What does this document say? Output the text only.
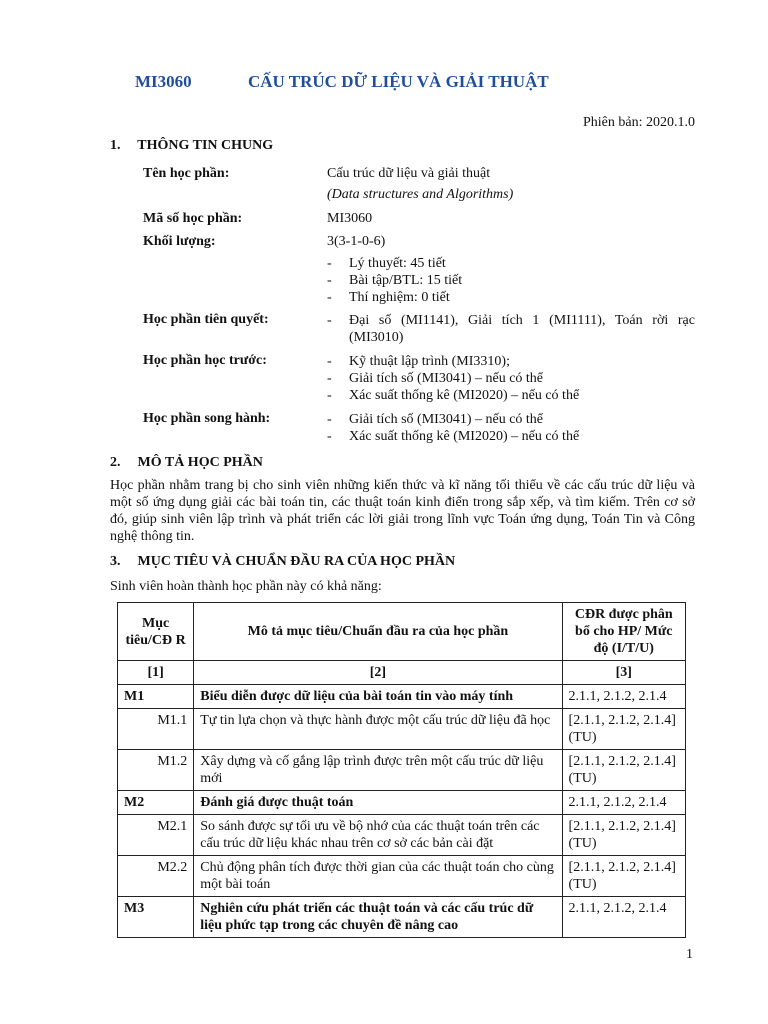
MI3060	CẤU TRÚC DỮ LIỆU VÀ GIẢI THUẬT
Phiên bản: 2020.1.0
1. THÔNG TIN CHUNG
Tên học phần:	Cấu trúc dữ liệu và giải thuật
(Data structures and Algorithms)
Mã số học phần:	MI3060
Khối lượng:	3(3-1-0-6)
- Lý thuyết: 45 tiết
- Bài tập/BTL: 15 tiết
- Thí nghiệm: 0 tiết
Học phần tiên quyết:	- Đại số (MI1141), Giải tích 1 (MI1111), Toán rời rạc (MI3010)
Học phần học trước:	- Kỹ thuật lập trình (MI3310);
- Giải tích số (MI3041) – nếu có thể
- Xác suất thống kê (MI2020) – nếu có thể
Học phần song hành:	- Giải tích số (MI3041) – nếu có thể
- Xác suất thống kê (MI2020) – nếu có thể
2. MÔ TẢ HỌC PHẦN
Học phần nhằm trang bị cho sinh viên những kiến thức và kĩ năng tối thiểu về các cấu trúc dữ liệu và một số ứng dụng giải các bài toán tin, các thuật toán kinh điển trong sắp xếp, và tìm kiếm. Trên cơ sở đó, giúp sinh viên lập trình và phát triển các lời giải trong lĩnh vực Toán ứng dụng, Toán Tin và Công nghệ thông tin.
3. MỤC TIÊU VÀ CHUẨN ĐẦU RA CỦA HỌC PHẦN
Sinh viên hoàn thành học phần này có khả năng:
Mục tiêu/CĐ R	Mô tả mục tiêu/Chuẩn đầu ra của học phần	CĐR được phân bổ cho HP/ Mức độ (I/T/U)
[1]	[2]	[3]
M1	Biểu diễn được dữ liệu của bài toán tin vào máy tính	2.1.1, 2.1.2, 2.1.4
M1.1	Tự tin lựa chọn và thực hành được một cấu trúc dữ liệu đã học	[2.1.1, 2.1.2, 2.1.4] (TU)
M1.2	Xây dựng và cố gắng lập trình được trên một cấu trúc dữ liệu mới	[2.1.1, 2.1.2, 2.1.4] (TU)
M2	Đánh giá được thuật toán	2.1.1, 2.1.2, 2.1.4
M2.1	So sánh được sự tối ưu về bộ nhớ của các thuật toán trên các cấu trúc dữ liệu khác nhau trên cơ sở các bản cài đặt	[2.1.1, 2.1.2, 2.1.4] (TU)
M2.2	Chủ động phân tích được thời gian của các thuật toán cho cùng một bài toán	[2.1.1, 2.1.2, 2.1.4] (TU)
M3	Nghiên cứu phát triển các thuật toán và các cấu trúc dữ liệu phức tạp trong các chuyên đề nâng cao	2.1.1, 2.1.2, 2.1.4
1
